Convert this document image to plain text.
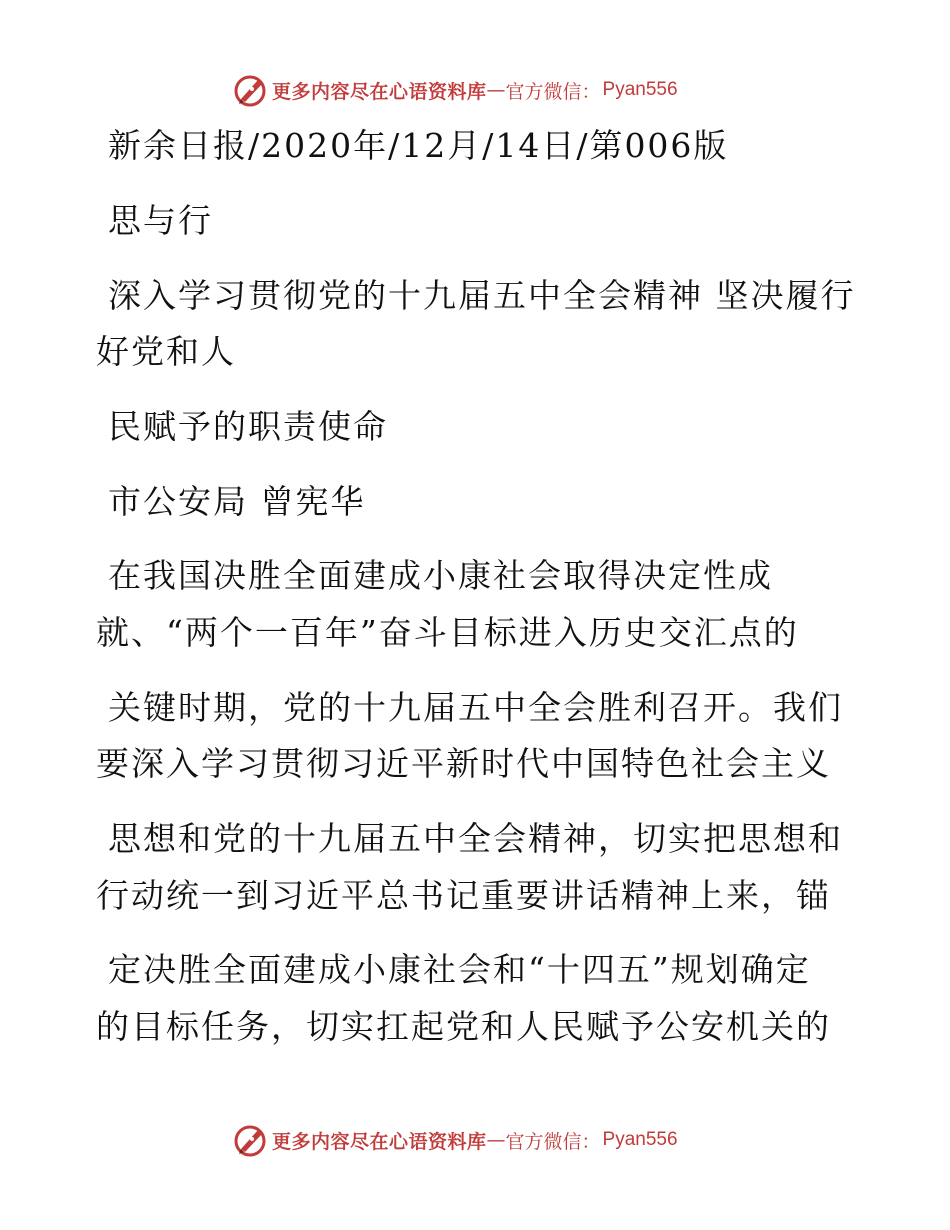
更多内容尽在心语资料库 — 官方微信： Pyan556
新余日报/2020年/12月/14日/第006版
思与行
深入学习贯彻党的十九届五中全会精神 坚决履行
好党和人
民赋予的职责使命
市公安局 曾宪华
在我国决胜全面建成小康社会取得决定性成
就、“两个一百年”奋斗目标进入历史交汇点的
关键时期，党的十九届五中全会胜利召开。我们
要深入学习贯彻习近平新时代中国特色社会主义
思想和党的十九届五中全会精神，切实把思想和
行动统一到习近平总书记重要讲话精神上来，锚
定决胜全面建成小康社会和“十四五”规划确定
的目标任务，切实扛起党和人民赋予公安机关的
更多内容尽在心语资料库 — 官方微信： Pyan556
